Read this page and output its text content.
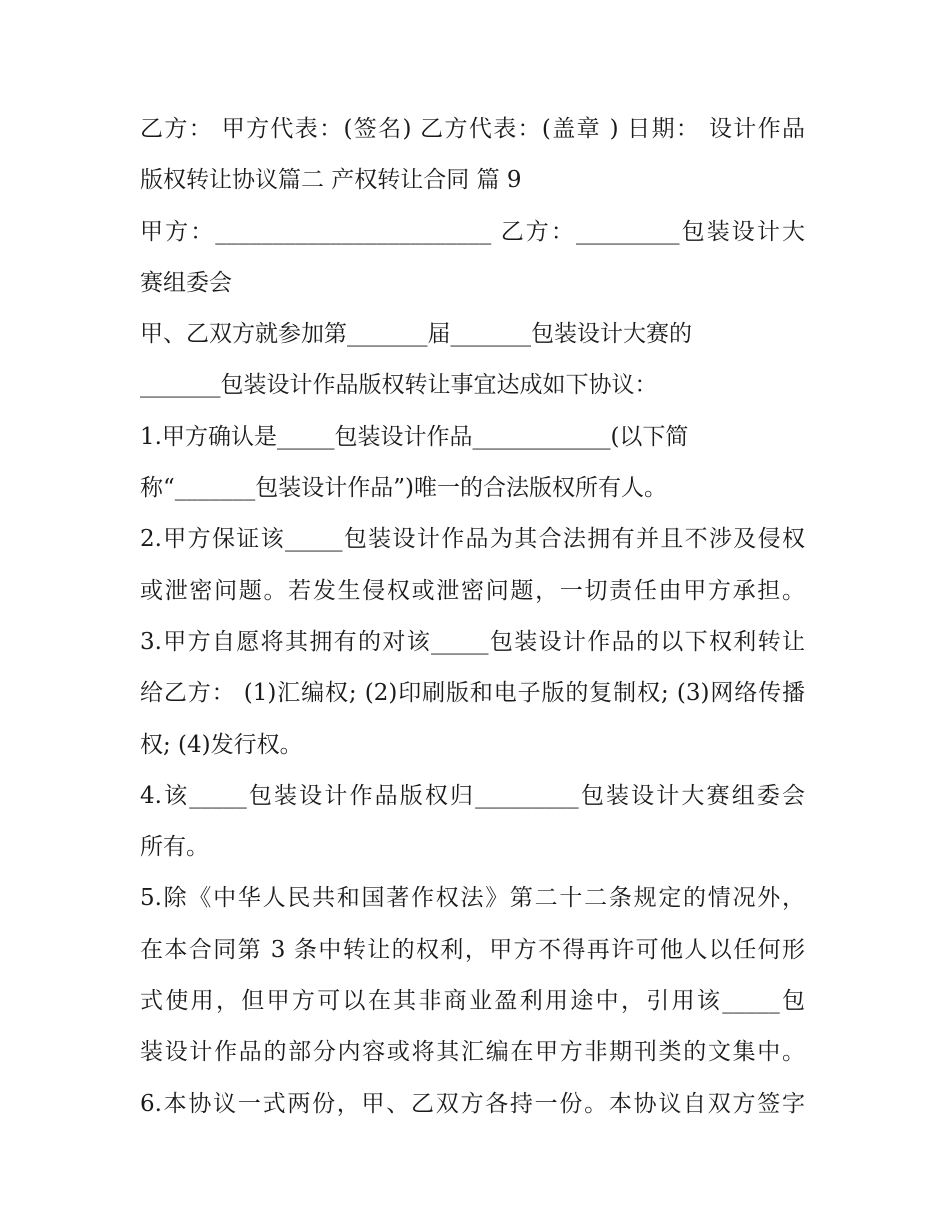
乙方： 甲方代表：(签名) 乙方代表：(盖章 ) 日期： 设计作品
版权转让协议篇二 产权转让合同 篇 9
甲方：________________________ 乙方：_________包装设计大
赛组委会
甲、乙双方就参加第_______届_______包装设计大赛的
_______包装设计作品版权转让事宜达成如下协议：
1.甲方确认是_____包装设计作品____________(以下简
称“_______包装设计作品”)唯一的合法版权所有人。
2.甲方保证该_____包装设计作品为其合法拥有并且不涉及侵权
或泄密问题。若发生侵权或泄密问题，一切责任由甲方承担。
3.甲方自愿将其拥有的对该_____包装设计作品的以下权利转让
给乙方： (1)汇编权; (2)印刷版和电子版的复制权; (3)网络传播
权; (4)发行权。
4.该_____包装设计作品版权归_________包装设计大赛组委会
所有。
5.除《中华人民共和国著作权法》第二十二条规定的情况外，
在本合同第 3 条中转让的权利，甲方不得再许可他人以任何形
式使用，但甲方可以在其非商业盈利用途中，引用该_____包
装设计作品的部分内容或将其汇编在甲方非期刊类的文集中。
6.本协议一式两份，甲、乙双方各持一份。本协议自双方签字
